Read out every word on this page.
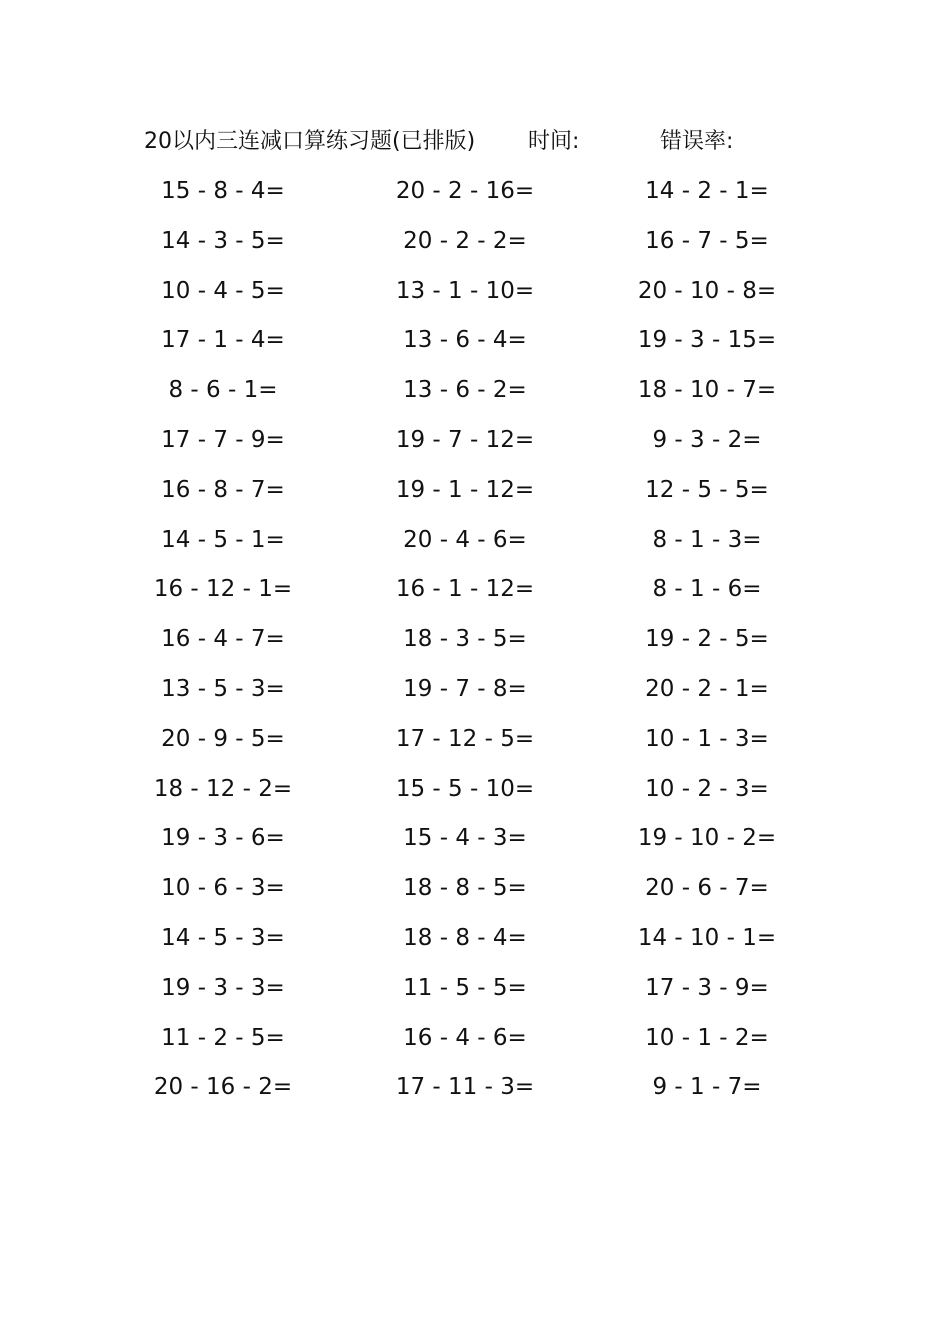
20以内三连减口算练习题(已排版) 时间:	错误率:
15 - 8 - 4=	20 - 2 - 16=	14 - 2 - 1=
14 - 3 - 5=	20 - 2 - 2=	16 - 7 - 5=
10 - 4 - 5=	13 - 1 - 10=	20 - 10 - 8=
17 - 1 - 4=	13 - 6 - 4=	19 - 3 - 15=
8 - 6 - 1=	13 - 6 - 2=	18 - 10 - 7=
17 - 7 - 9=	19 - 7 - 12=	9 - 3 - 2=
16 - 8 - 7=	19 - 1 - 12=	12 - 5 - 5=
14 - 5 - 1=	20 - 4 - 6=	8 - 1 - 3=
16 - 12 - 1=	16 - 1 - 12=	8 - 1 - 6=
16 - 4 - 7=	18 - 3 - 5=	19 - 2 - 5=
13 - 5 - 3=	19 - 7 - 8=	20 - 2 - 1=
20 - 9 - 5=	17 - 12 - 5=	10 - 1 - 3=
18 - 12 - 2=	15 - 5 - 10=	10 - 2 - 3=
19 - 3 - 6=	15 - 4 - 3=	19 - 10 - 2=
10 - 6 - 3=	18 - 8 - 5=	20 - 6 - 7=
14 - 5 - 3=	18 - 8 - 4=	14 - 10 - 1=
19 - 3 - 3=	11 - 5 - 5=	17 - 3 - 9=
11 - 2 - 5=	16 - 4 - 6=	10 - 1 - 2=
20 - 16 - 2=	17 - 11 - 3=	9 - 1 - 7=
